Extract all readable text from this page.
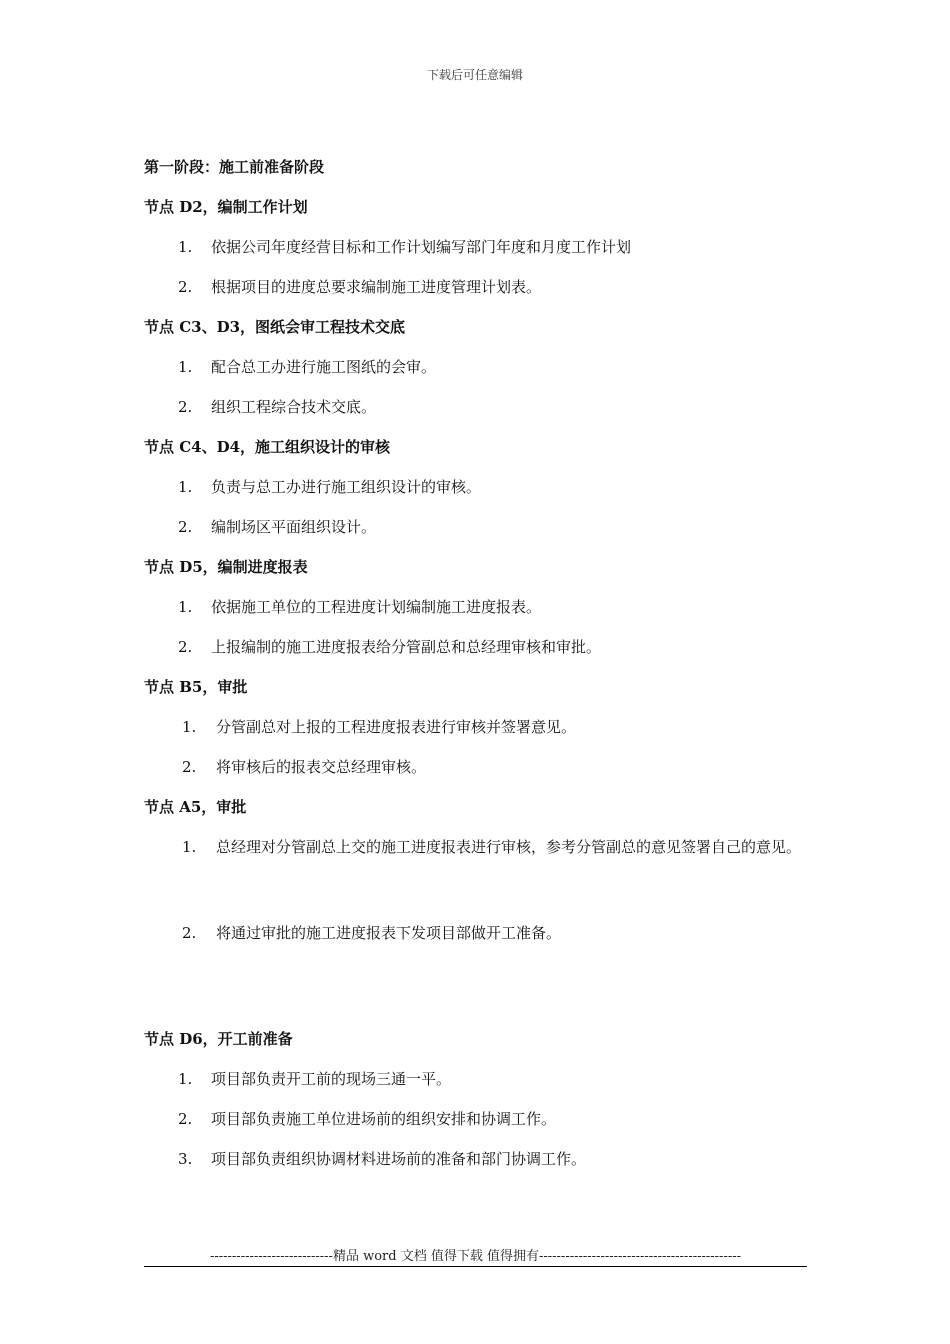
下载后可任意编辑
第一阶段：施工前准备阶段
节点 D2，编制工作计划
1. 依据公司年度经营目标和工作计划编写部门年度和月度工作计划
2. 根据项目的进度总要求编制施工进度管理计划表。
节点 C3、D3，图纸会审工程技术交底
1. 配合总工办进行施工图纸的会审。
2. 组织工程综合技术交底。
节点 C4、D4，施工组织设计的审核
1. 负责与总工办进行施工组织设计的审核。
2. 编制场区平面组织设计。
节点 D5，编制进度报表
1. 依据施工单位的工程进度计划编制施工进度报表。
2. 上报编制的施工进度报表给分管副总和总经理审核和审批。
节点 B5，审批
1. 分管副总对上报的工程进度报表进行审核并签署意见。
2. 将审核后的报表交总经理审核。
节点 A5，审批
1. 总经理对分管副总上交的施工进度报表进行审核，参考分管副总的意见签署自己的意见。
2. 将通过审批的施工进度报表下发项目部做开工准备。
节点 D6，开工前准备
1. 项目部负责开工前的现场三通一平。
2. 项目部负责施工单位进场前的组织安排和协调工作。
3. 项目部负责组织协调材料进场前的准备和部门协调工作。
----------------------------精品 word 文档 值得下载 值得拥有----------------------------------------------
